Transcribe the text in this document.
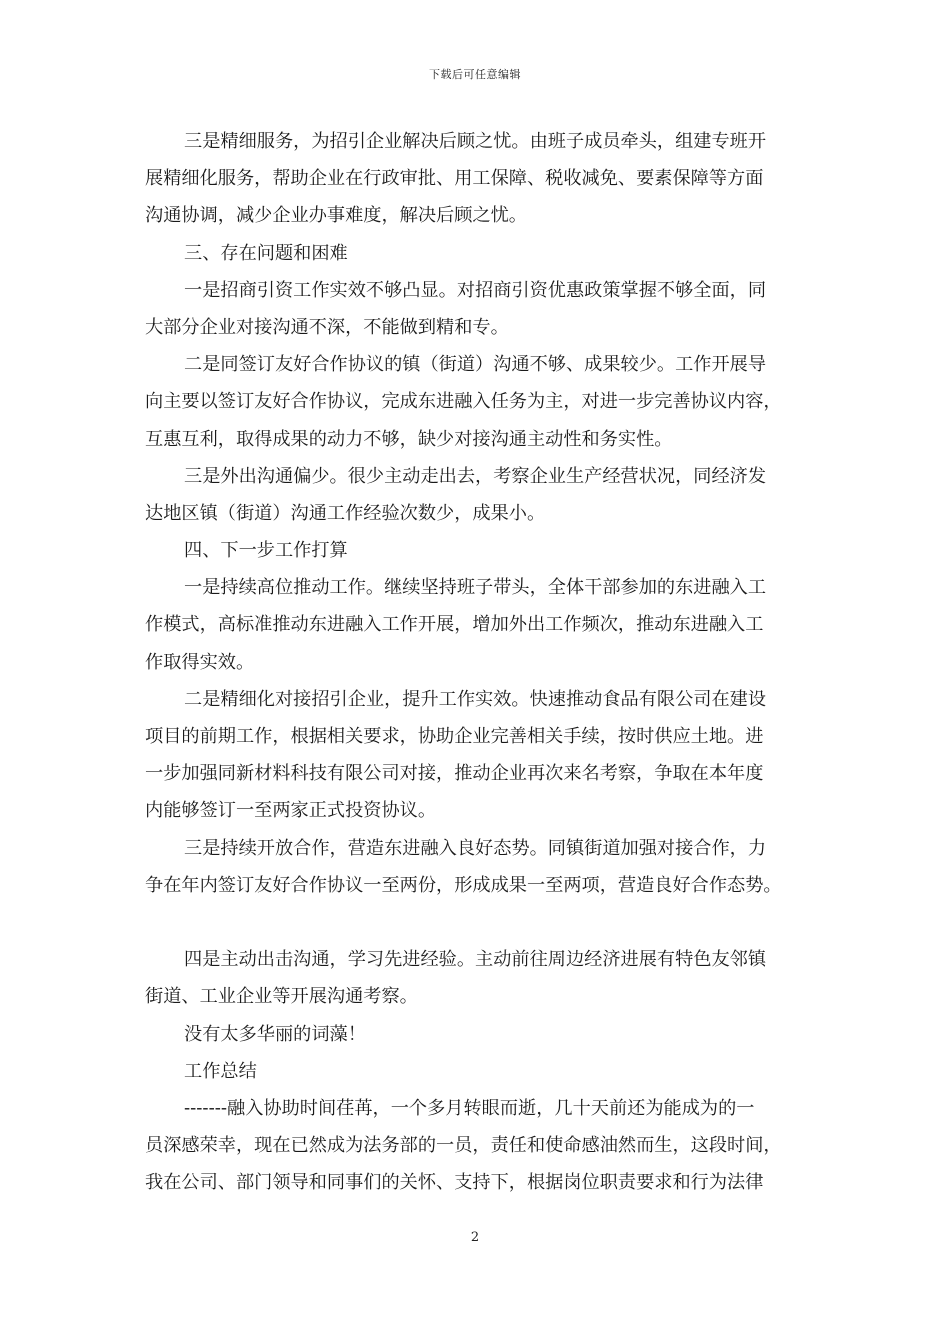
下载后可任意编辑
三是精细服务，为招引企业解决后顾之忧。由班子成员牵头，组建专班开
展精细化服务，帮助企业在行政审批、用工保障、税收减免、要素保障等方面
沟通协调，减少企业办事难度，解决后顾之忧。
三、存在问题和困难
一是招商引资工作实效不够凸显。对招商引资优惠政策掌握不够全面，同
大部分企业对接沟通不深，不能做到精和专。
二是同签订友好合作协议的镇（街道）沟通不够、成果较少。工作开展导
向主要以签订友好合作协议，完成东进融入任务为主，对进一步完善协议内容，
互惠互利，取得成果的动力不够，缺少对接沟通主动性和务实性。
三是外出沟通偏少。很少主动走出去，考察企业生产经营状况，同经济发
达地区镇（街道）沟通工作经验次数少，成果小。
四、下一步工作打算
一是持续高位推动工作。继续坚持班子带头，全体干部参加的东进融入工
作模式，高标准推动东进融入工作开展，增加外出工作频次，推动东进融入工
作取得实效。
二是精细化对接招引企业，提升工作实效。快速推动食品有限公司在建设
项目的前期工作，根据相关要求，协助企业完善相关手续，按时供应土地。进
一步加强同新材料科技有限公司对接，推动企业再次来名考察，争取在本年度
内能够签订一至两家正式投资协议。
三是持续开放合作，营造东进融入良好态势。同镇街道加强对接合作，力
争在年内签订友好合作协议一至两份，形成成果一至两项，营造良好合作态势。
四是主动出击沟通，学习先进经验。主动前往周边经济进展有特色友邻镇
街道、工业企业等开展沟通考察。
没有太多华丽的词藻！
工作总结
-------融入协助时间荏苒，一个多月转眼而逝，几十天前还为能成为的一
员深感荣幸，现在已然成为法务部的一员，责任和使命感油然而生，这段时间，
我在公司、部门领导和同事们的关怀、支持下，根据岗位职责要求和行为法律
2
